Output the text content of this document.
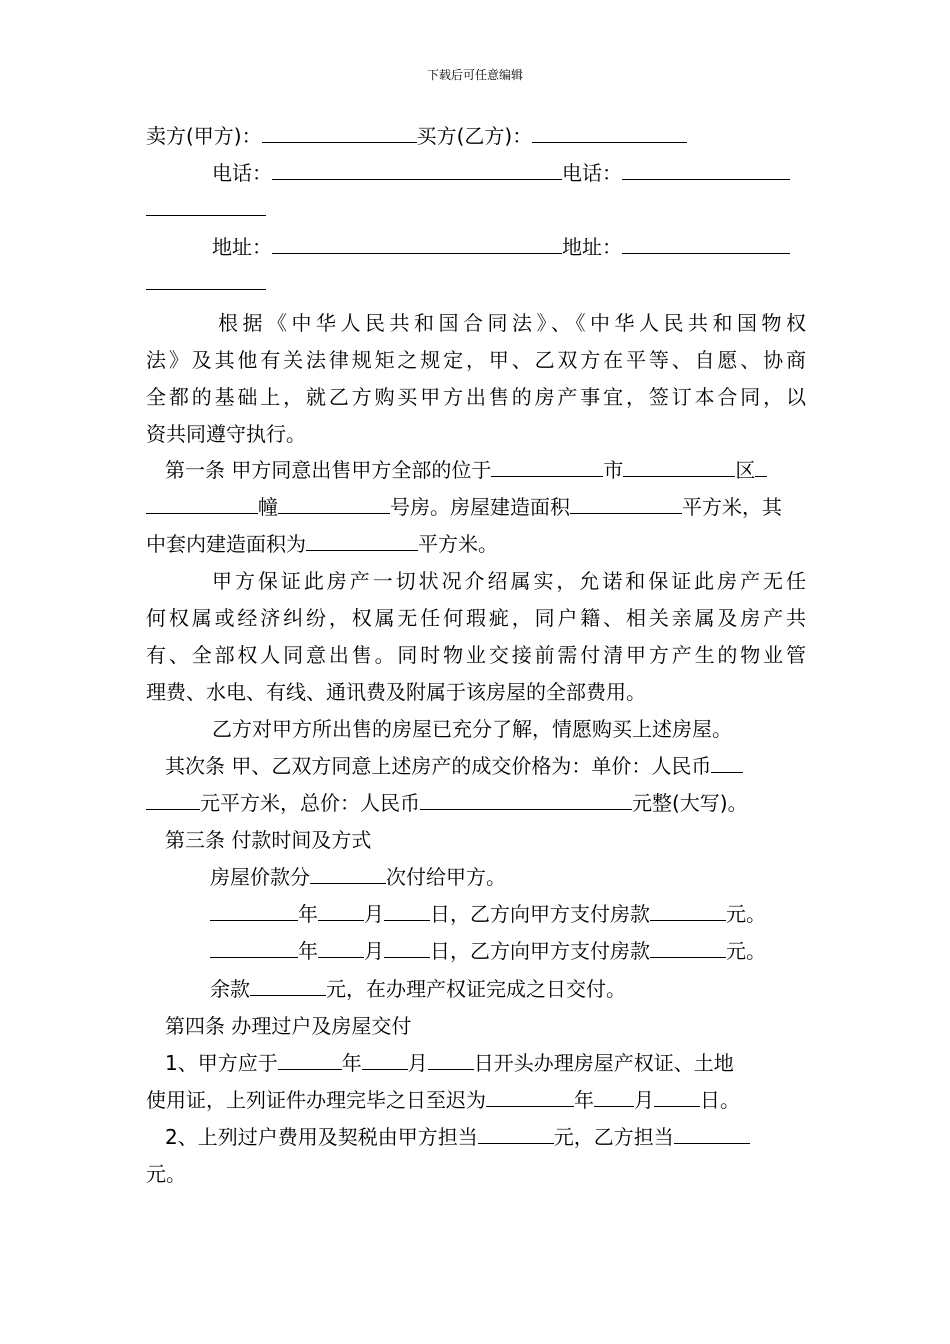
下载后可任意编辑
卖方(甲方)：	买方(乙方)：
电话：	电话：
地址：	地址：
根据《中华人民共和国合同法》、《中华人民共和国物权
法》及其他有关法律规矩之规定，甲、乙双方在平等、自愿、协商
全都的基础上，就乙方购买甲方出售的房产事宜，签订本合同，以
资共同遵守执行。
第一条 甲方同意出售甲方全部的位于	市	区
幢	号房。房屋建造面积	平方米，其
中套内建造面积为	平方米。
甲方保证此房产一切状况介绍属实，允诺和保证此房产无任
何权属或经济纠纷，权属无任何瑕疵，同户籍、相关亲属及房产共
有、全部权人同意出售。同时物业交接前需付清甲方产生的物业管
理费、水电、有线、通讯费及附属于该房屋的全部费用。
乙方对甲方所出售的房屋已充分了解，情愿购买上述房屋。
其次条 甲、乙双方同意上述房产的成交价格为：单价：人民币
元平方米，总价：人民币	元整(大写)。
第三条 付款时间及方式
房屋价款分	次付给甲方。
年 月 日，乙方向甲方支付房款	元。
年 月 日，乙方向甲方支付房款	元。
余款	元，在办理产权证完成之日交付。
第四条 办理过户及房屋交付
1、甲方应于	年 月 日开头办理房屋产权证、土地
使用证，上列证件办理完毕之日至迟为	年 月 日。
2、上列过户费用及契税由甲方担当	元，乙方担当
元。
